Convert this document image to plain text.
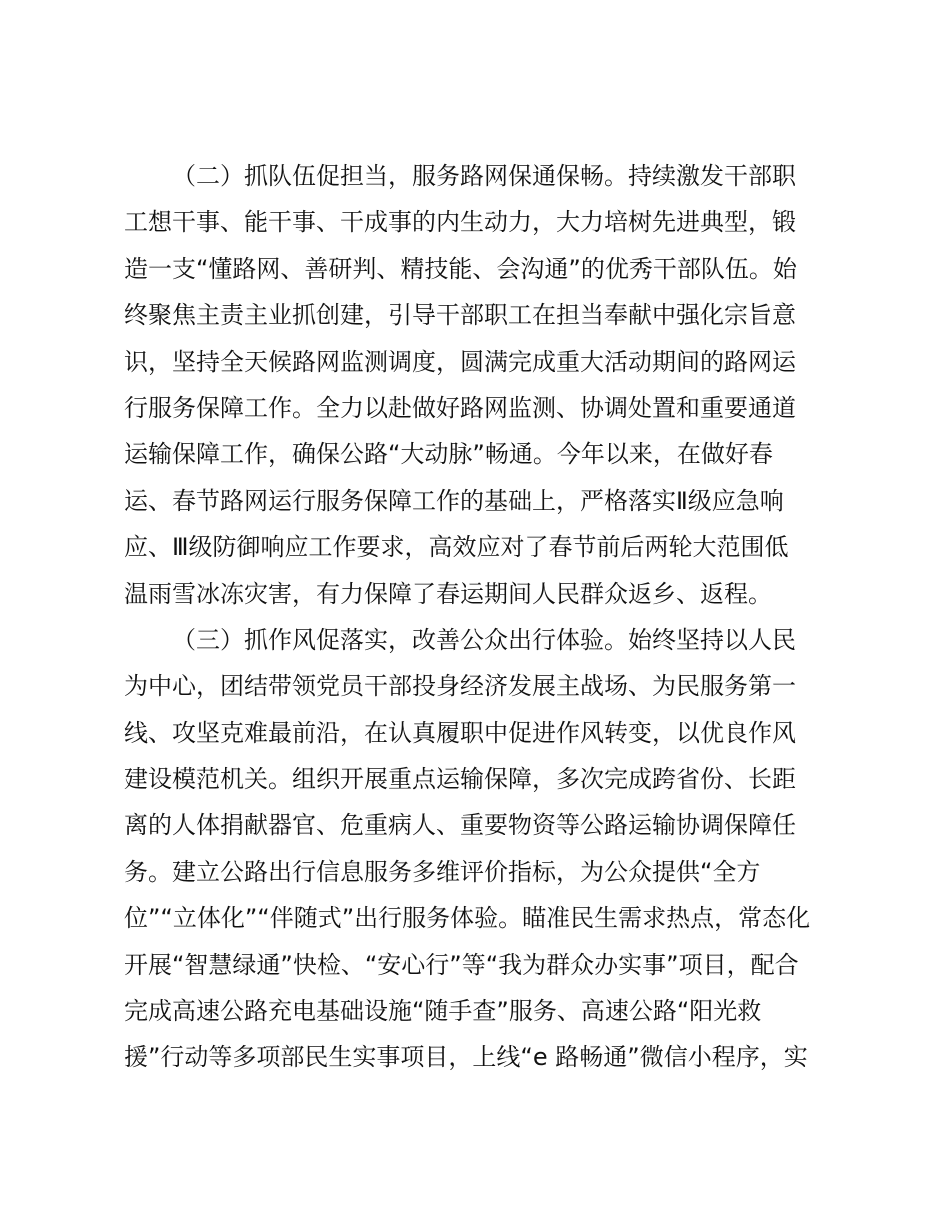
（二）抓队伍促担当，服务路网保通保畅。持续激发干部职
工想干事、能干事、干成事的内生动力，大力培树先进典型，锻
造一支“懂路网、善研判、精技能、会沟通”的优秀干部队伍。始
终聚焦主责主业抓创建，引导干部职工在担当奉献中强化宗旨意
识，坚持全天候路网监测调度，圆满完成重大活动期间的路网运
行服务保障工作。全力以赴做好路网监测、协调处置和重要通道
运输保障工作，确保公路“大动脉”畅通。今年以来，在做好春
运、春节路网运行服务保障工作的基础上，严格落实Ⅱ级应急响
应、Ⅲ级防御响应工作要求，高效应对了春节前后两轮大范围低
温雨雪冰冻灾害，有力保障了春运期间人民群众返乡、返程。
（三）抓作风促落实，改善公众出行体验。始终坚持以人民
为中心，团结带领党员干部投身经济发展主战场、为民服务第一
线、攻坚克难最前沿，在认真履职中促进作风转变，以优良作风
建设模范机关。组织开展重点运输保障，多次完成跨省份、长距
离的人体捐献器官、危重病人、重要物资等公路运输协调保障任
务。建立公路出行信息服务多维评价指标，为公众提供“全方
位”“立体化”“伴随式”出行服务体验。瞄准民生需求热点，常态化
开展“智慧绿通”快检、“安心行”等“我为群众办实事”项目，配合
完成高速公路充电基础设施“随手查”服务、高速公路“阳光救
援”行动等多项部民生实事项目，上线“e 路畅通”微信小程序，实
